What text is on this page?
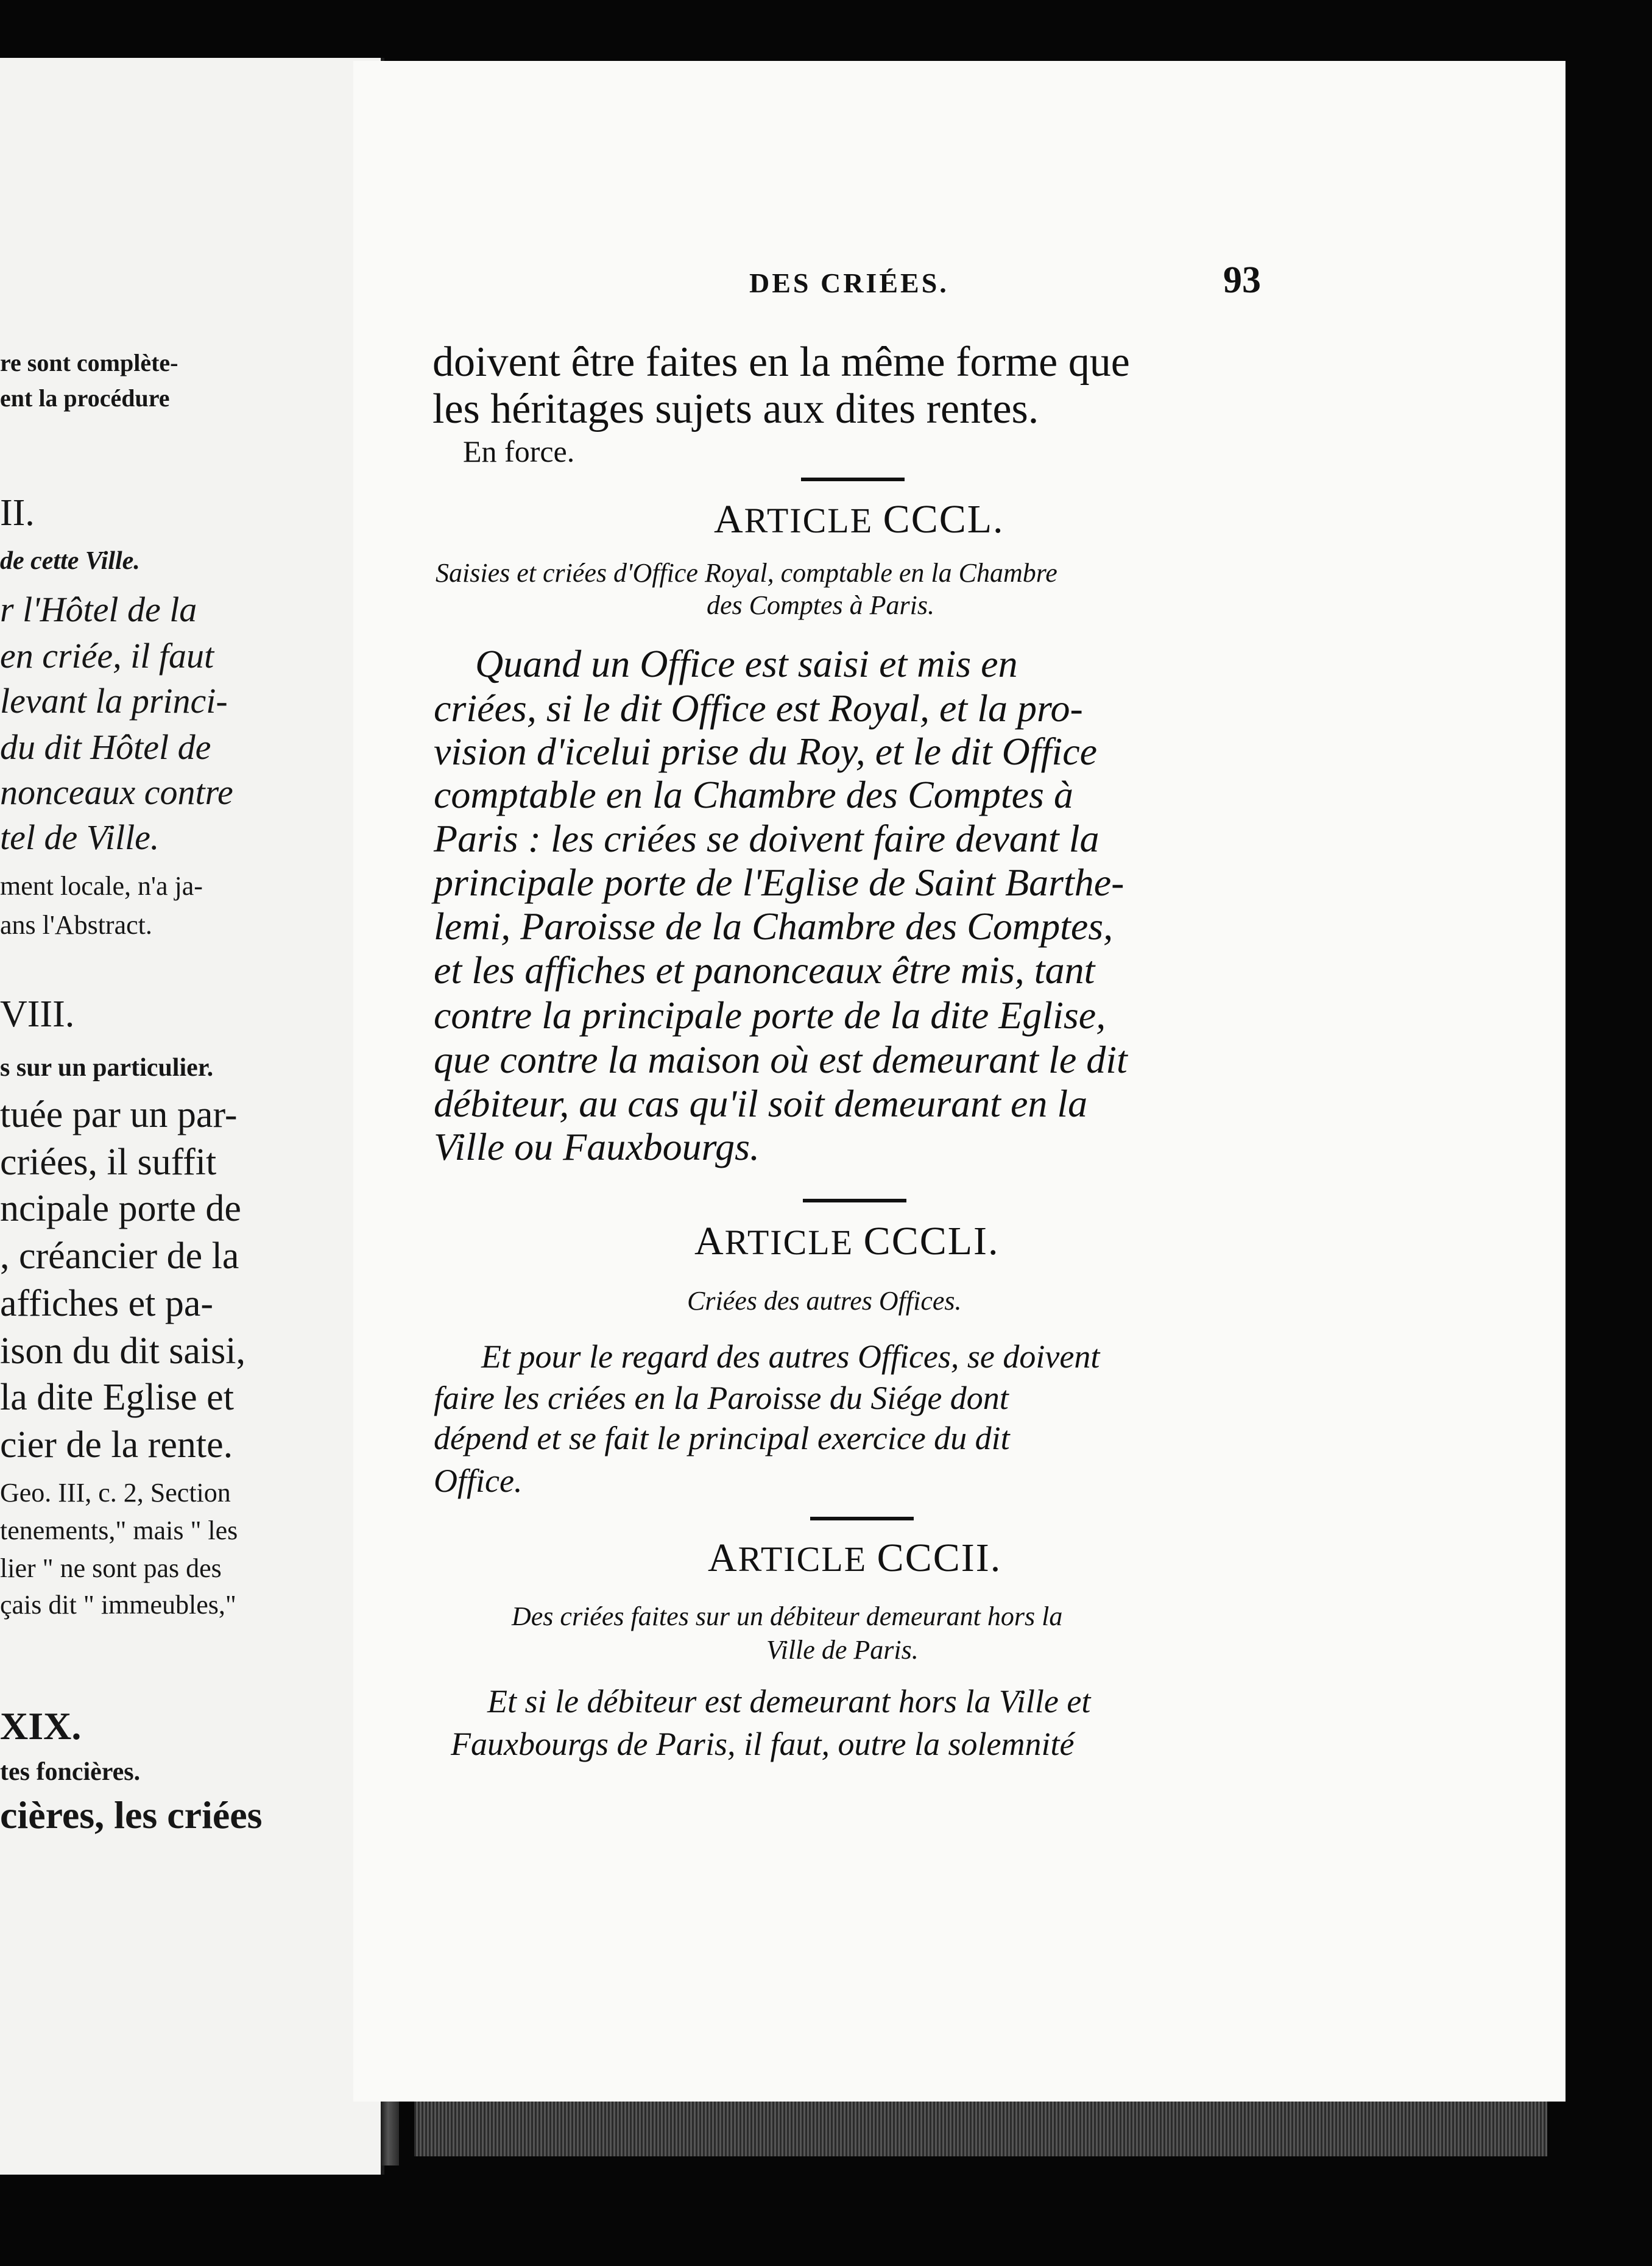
re sont complète-
ent la procédure
II.
de cette Ville.
r l'Hôtel de la
en criée, il faut
levant la princi-
du dit Hôtel de
nonceaux contre
tel de Ville.
ment locale, n'a ja-
ans l'Abstract.
VIII.
s sur un particulier.
tuée par un par-
criées, il suffit
ncipale porte de
, créancier de la
affiches et pa-
ison du dit saisi,
la dite Eglise et
cier de la rente.
Geo. III, c. 2, Section
tenements," mais " les
lier " ne sont pas des
çais dit " immeubles,"
XIX.
tes foncières.
cières, les criées
DES CRIÉES.	93
doivent être faites en la même forme que
les héritages sujets aux dites rentes.
En force.
ARTICLE CCCL.
Saisies et criées d'Office Royal, comptable en la Chambre
des Comptes à Paris.
Quand un Office est saisi et mis en
criées, si le dit Office est Royal, et la pro-
vision d'icelui prise du Roy, et le dit Office
comptable en la Chambre des Comptes à
Paris : les criées se doivent faire devant la
principale porte de l'Eglise de Saint Barthe-
lemi, Paroisse de la Chambre des Comptes,
et les affiches et panonceaux être mis, tant
contre la principale porte de la dite Eglise,
que contre la maison où est demeurant le dit
débiteur, au cas qu'il soit demeurant en la
Ville ou Fauxbourgs.
ARTICLE CCCLI.
Criées des autres Offices.
Et pour le regard des autres Offices, se doivent
faire les criées en la Paroisse du Siége dont
dépend et se fait le principal exercice du dit
Office.
ARTICLE CCCII.
Des criées faites sur un débiteur demeurant hors la
Ville de Paris.
Et si le débiteur est demeurant hors la Ville et
Fauxbourgs de Paris, il faut, outre la solemnité
